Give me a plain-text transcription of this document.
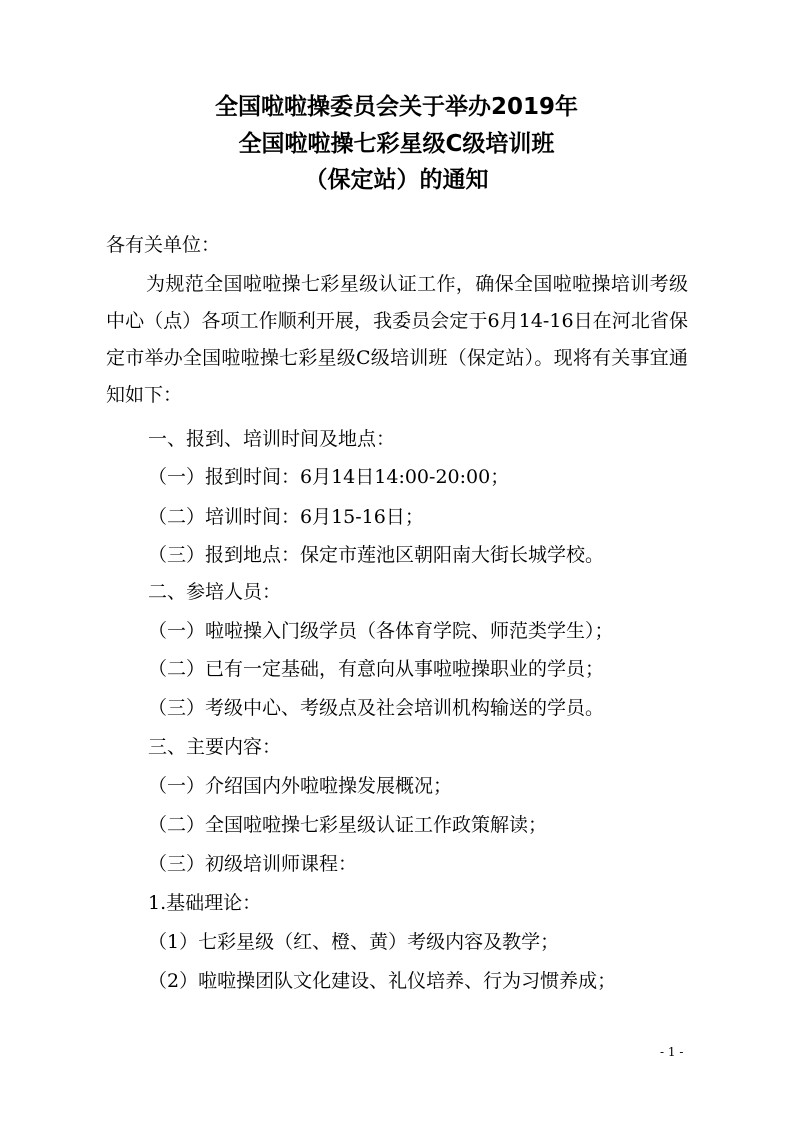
全国啦啦操委员会关于举办2019年
全国啦啦操七彩星级C级培训班
（保定站）的通知
各有关单位：
为规范全国啦啦操七彩星级认证工作，确保全国啦啦操培训考级中心（点）各项工作顺利开展，我委员会定于6月14-16日在河北省保定市举办全国啦啦操七彩星级C级培训班（保定站）。现将有关事宜通知如下：
一、报到、培训时间及地点：
（一）报到时间：6月14日14:00-20:00；
（二）培训时间：6月15-16日；
（三）报到地点：保定市莲池区朝阳南大街长城学校。
二、参培人员：
（一）啦啦操入门级学员（各体育学院、师范类学生）；
（二）已有一定基础，有意向从事啦啦操职业的学员；
（三）考级中心、考级点及社会培训机构输送的学员。
三、主要内容：
（一）介绍国内外啦啦操发展概况；
（二）全国啦啦操七彩星级认证工作政策解读；
（三）初级培训师课程：
1.基础理论：
（1）七彩星级（红、橙、黄）考级内容及教学；
（2）啦啦操团队文化建设、礼仪培养、行为习惯养成；
- 1 -
